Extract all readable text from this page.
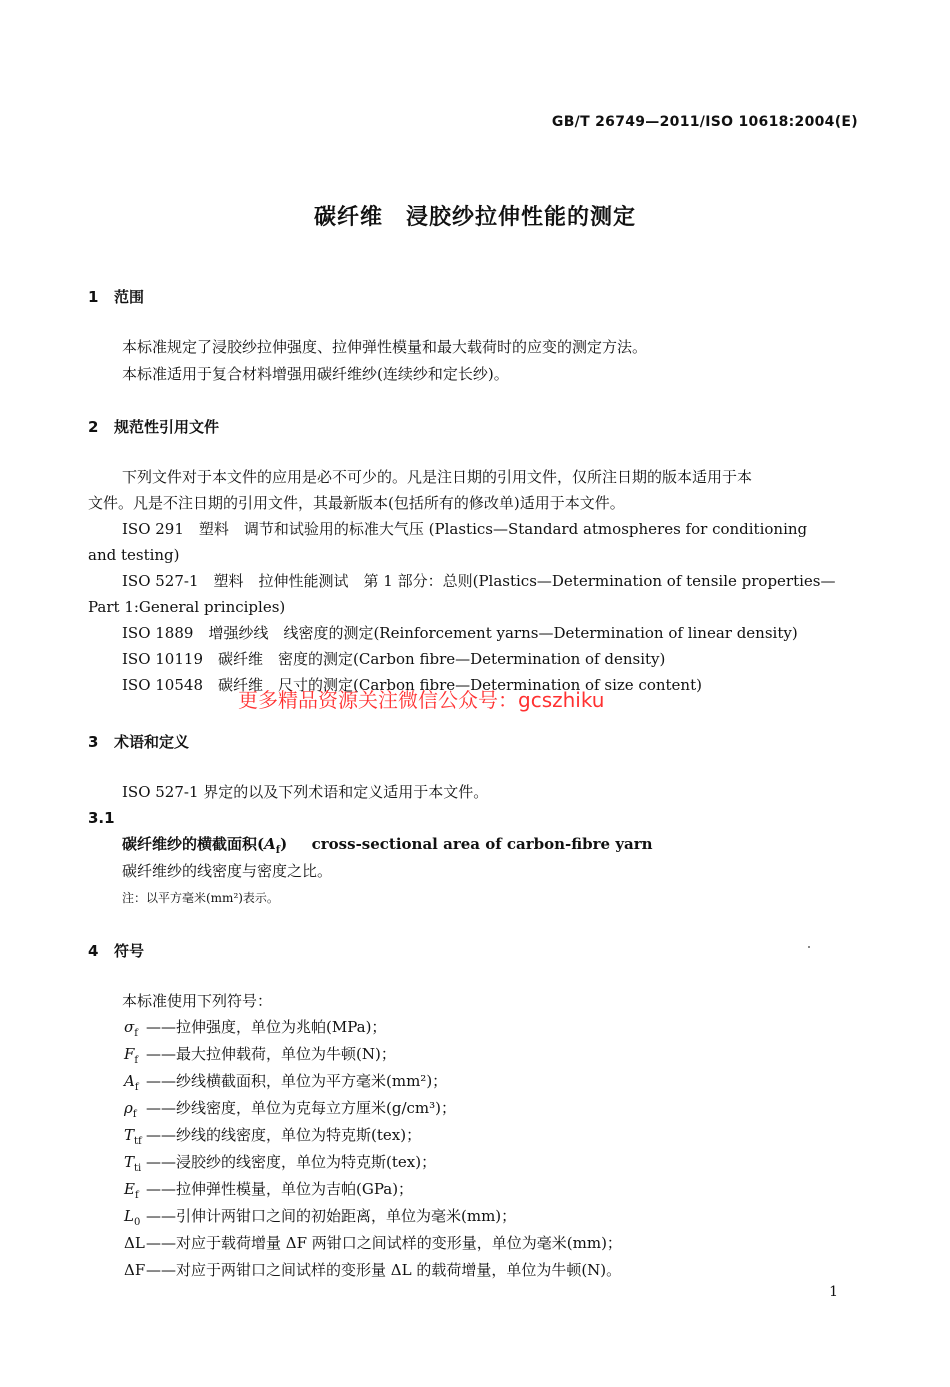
GB/T 26749—2011/ISO 10618:2004(E)
碳纤维　浸胶纱拉伸性能的测定
1 范围
本标准规定了浸胶纱拉伸强度、拉伸弹性模量和最大载荷时的应变的测定方法。
本标准适用于复合材料增强用碳纤维纱(连续纱和定长纱)。
2 规范性引用文件
下列文件对于本文件的应用是必不可少的。凡是注日期的引用文件，仅所注日期的版本适用于本
文件。凡是不注日期的引用文件，其最新版本(包括所有的修改单)适用于本文件。
ISO 291　塑料　调节和试验用的标准大气压 (Plastics—Standard atmospheres for conditioning
and testing)
ISO 527-1　塑料　拉伸性能测试　第 1 部分：总则(Plastics—Determination of tensile properties—
Part 1:General principles)
ISO 1889　增强纱线　线密度的测定(Reinforcement yarns—Determination of linear density)
ISO 10119　碳纤维　密度的测定(Carbon fibre—Determination of density)
ISO 10548　碳纤维　尺寸的测定(Carbon fibre—Determination of size content)
更多精品资源关注微信公众号：gcszhiku
3 术语和定义
ISO 527-1 界定的以及下列术语和定义适用于本文件。
3.1
碳纤维纱的横截面积$(A_f)$ cross-sectional area of carbon-fibre yarn
碳纤维纱的线密度与密度之比。
注：以平方毫米(mm²)表示。
4 符号
本标准使用下列符号：
$\sigma_f$ ——拉伸强度，单位为兆帕(MPa)；
$F_f$ ——最大拉伸载荷，单位为牛顿(N)；
$A_f$ ——纱线横截面积，单位为平方毫米(mm²)；
$\rho_f$ ——纱线密度，单位为克每立方厘米(g/cm³)；
$T_{tf}$ ——纱线的线密度，单位为特克斯(tex)；
$T_{ti}$ ——浸胶纱的线密度，单位为特克斯(tex)；
$E_f$ ——拉伸弹性模量，单位为吉帕(GPa)；
$L_0$ ——引伸计两钳口之间的初始距离，单位为毫米(mm)；
ΔL——对应于载荷增量 ΔF 两钳口之间试样的变形量，单位为毫米(mm)；
ΔF——对应于两钳口之间试样的变形量 ΔL 的载荷增量，单位为牛顿(N)。
1
